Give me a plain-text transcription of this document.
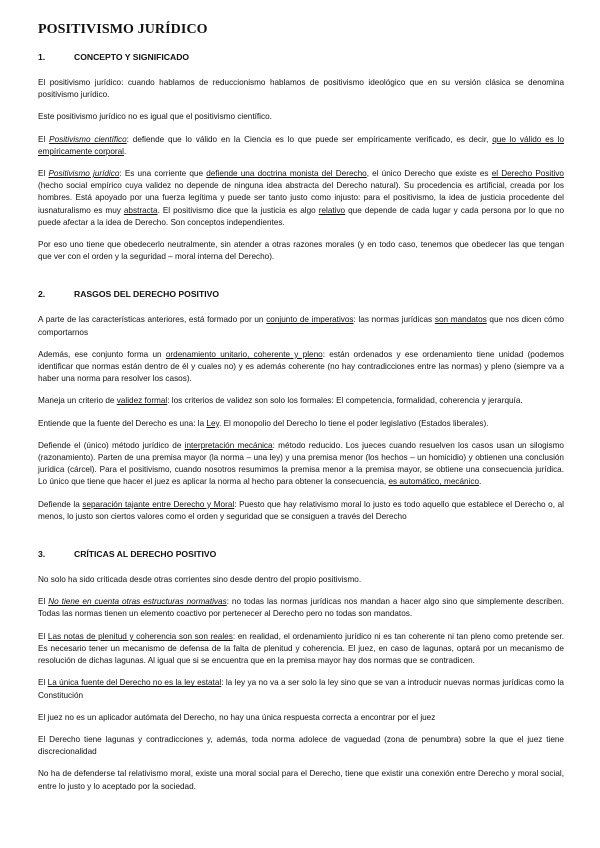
POSITIVISMO JURÍDICO
1.	CONCEPTO Y SIGNIFICADO

El positivismo jurídico: cuando hablamos de reduccionismo hablamos de positivismo ideológico que en su versión clásica se denomina positivismo jurídico.

Este positivismo jurídico no es igual que el positivismo científico.

El Positivismo científico: defiende que lo válido en la Ciencia es lo que puede ser empíricamente verificado, es decir, que lo válido es lo empíricamente corporal.

El Positivismo jurídico: Es una corriente que defiende una doctrina monista del Derecho, el único Derecho que existe es el Derecho Positivo (hecho social empírico cuya validez no depende de ninguna idea abstracta del Derecho natural). Su procedencia es artificial, creada por los hombres. Está apoyado por una fuerza legítima y puede ser tanto justo como injusto: para el positivismo, la idea de justicia procedente del iusnaturalismo es muy abstracta. El positivismo dice que la justicia es algo relativo que depende de cada lugar y cada persona por lo que no puede afectar a la idea de Derecho. Son conceptos independientes.

Por eso uno tiene que obedecerlo neutralmente, sin atender a otras razones morales (y en todo caso, tenemos que obedecer las que tengan que ver con el orden y la seguridad – moral interna del Derecho).

2.	RASGOS DEL DERECHO POSITIVO

A parte de las características anteriores, está formado por un conjunto de imperativos: las normas jurídicas son mandatos que nos dicen cómo comportarnos

Además, ese conjunto forma un ordenamiento unitario, coherente y pleno: están ordenados y ese ordenamiento tiene unidad (podemos identificar que normas están dentro de él y cuales no) y es además coherente (no hay contradicciones entre las normas) y pleno (siempre va a haber una norma para resolver los casos).

Maneja un criterio de validez formal: los criterios de validez son solo los formales: El competencia, formalidad, coherencia y jerarquía.

Entiende que la fuente del Derecho es una: la Ley. El monopolio del Derecho lo tiene el poder legislativo (Estados liberales).

Defiende el (único) método jurídico de interpretación mecánica: método reducido. Los jueces cuando resuelven los casos usan un silogismo (razonamiento). Parten de una premisa mayor (la norma – una ley) y una premisa menor (los hechos – un homicidio) y obtienen una conclusión jurídica (cárcel). Para el positivismo, cuando nosotros resumimos la premisa menor a la premisa mayor, se obtiene una consecuencia jurídica. Lo único que tiene que hacer el juez es aplicar la norma al hecho para obtener la consecuencia, es automático, mecánico.

Defiende la separación tajante entre Derecho y Moral: Puesto que hay relativismo moral lo justo es todo aquello que establece el Derecho o, al menos, lo justo son ciertos valores como el orden y seguridad que se consiguen a través del Derecho

3.	CRÍTICAS AL DERECHO POSITIVO

No solo ha sido criticada desde otras corrientes sino desde dentro del propio positivismo.

El No tiene en cuenta otras estructuras normativas: no todas las normas jurídicas nos mandan a hacer algo sino que simplemente describen. Todas las normas tienen un elemento coactivo por pertenecer al Derecho pero no todas son mandatos.

El Las notas de plenitud y coherencia son son reales: en realidad, el ordenamiento jurídico ni es tan coherente ni tan pleno como pretende ser. Es necesario tener un mecanismo de defensa de la falta de plenitud y coherencia. El juez, en caso de lagunas, optará por un mecanismo de resolución de dichas lagunas. Al igual que si se encuentra que en la premisa mayor hay dos normas que se contradicen.

El La única fuente del Derecho no es la ley estatal: la ley ya no va a ser solo la ley sino que se van a introducir nuevas normas jurídicas como la Constitución

El juez no es un aplicador autómata del Derecho, no hay una única respuesta correcta a encontrar por el juez

El Derecho tiene lagunas y contradicciones y, además, toda norma adolece de vaguedad (zona de penumbra) sobre la que el juez tiene discrecionalidad

No ha de defenderse tal relativismo moral, existe una moral social para el Derecho, tiene que existir una conexión entre Derecho y moral social, entre lo justo y lo aceptado por la sociedad.
